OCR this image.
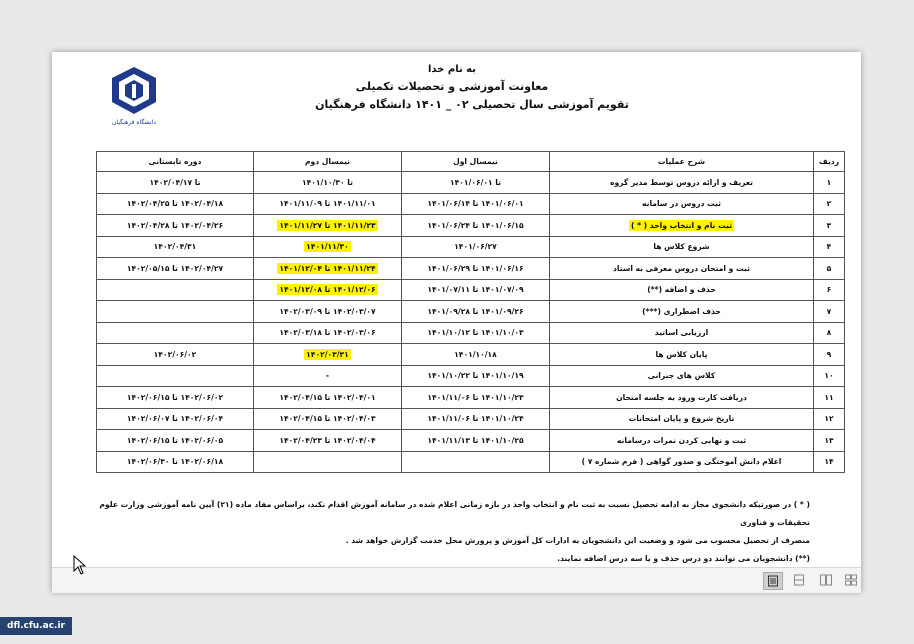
دانشگاه فرهنگیان
به نام خدا
معاونت آموزشی و تحصیلات تکمیلی
تقویم آموزشی سال تحصیلی ۰۲ _ ۱۴۰۱ دانشگاه فرهنگیان
ردیف	شرح عملیات	نیمسال اول	نیمسال دوم	دوره تابستانی
۱	تعریف و ارائه دروس توسط مدیر گروه	تا ۱۴۰۱/۰۶/۰۱	تا ۱۴۰۱/۱۰/۳۰	تا ۱۴۰۲/۰۴/۱۷
۲	ثبت دروس در سامانه	۱۴۰۱/۰۶/۰۱ تا ۱۴۰۱/۰۶/۱۴	۱۴۰۱/۱۱/۰۱ تا ۱۴۰۱/۱۱/۰۹	۱۴۰۲/۰۴/۱۸ تا ۱۴۰۲/۰۴/۲۵
۳	ثبت نام و انتخاب واحد ( * )	۱۴۰۱/۰۶/۱۵ تا ۱۴۰۱/۰۶/۲۴	۱۴۰۱/۱۱/۲۳ تا ۱۴۰۱/۱۱/۲۷	۱۴۰۲/۰۴/۲۶ تا ۱۴۰۲/۰۴/۲۸
۴	شروع کلاس ها	۱۴۰۱/۰۶/۲۷	۱۴۰۱/۱۱/۳۰	۱۴۰۲/۰۴/۳۱
۵	ثبت و امتحان دروس معرفی به استاد	۱۴۰۱/۰۶/۱۶ تا ۱۴۰۱/۰۶/۲۹	۱۴۰۱/۱۱/۲۴ تا ۱۴۰۱/۱۲/۰۴	۱۴۰۲/۰۴/۲۷ تا ۱۴۰۲/۰۵/۱۵
۶	حذف و اضافه (**)	۱۴۰۱/۰۷/۰۹ تا ۱۴۰۱/۰۷/۱۱	۱۴۰۱/۱۲/۰۶ تا ۱۴۰۱/۱۲/۰۸	
۷	حذف اضطراری (***)	۱۴۰۱/۰۹/۲۶ تا ۱۴۰۱/۰۹/۲۸	۱۴۰۲/۰۳/۰۷ تا ۱۴۰۲/۰۳/۰۹	
۸	ارزیابی اساتید	۱۴۰۱/۱۰/۰۳ تا ۱۴۰۱/۱۰/۱۲	۱۴۰۲/۰۳/۰۶ تا ۱۴۰۲/۰۳/۱۸	
۹	پایان کلاس ها	۱۴۰۱/۱۰/۱۸	۱۴۰۲/۰۳/۳۱	۱۴۰۲/۰۶/۰۲
۱۰	کلاس های جبرانی	۱۴۰۱/۱۰/۱۹ تا ۱۴۰۱/۱۰/۲۲	-	
۱۱	دریافت کارت ورود به جلسه امتحان	۱۴۰۱/۱۰/۲۳ تا ۱۴۰۱/۱۱/۰۶	۱۴۰۲/۰۴/۰۱ تا ۱۴۰۲/۰۴/۱۵	۱۴۰۲/۰۶/۰۲ تا ۱۴۰۲/۰۶/۱۵
۱۲	تاریخ شروع و پایان امتحانات	۱۴۰۱/۱۰/۲۴ تا ۱۴۰۱/۱۱/۰۶	۱۴۰۲/۰۴/۰۳ تا ۱۴۰۲/۰۴/۱۵	۱۴۰۲/۰۶/۰۴ تا ۱۴۰۲/۰۶/۰۷
۱۳	ثبت و نهایی کردن نمرات درسامانه	۱۴۰۱/۱۰/۲۵ تا ۱۴۰۱/۱۱/۱۳	۱۴۰۲/۰۴/۰۴ تا ۱۴۰۲/۰۴/۲۳	۱۴۰۲/۰۶/۰۵ تا ۱۴۰۲/۰۶/۱۵
۱۴	اعلام دانش آموختگی و صدور گواهی ( فرم شماره ۷ )			۱۴۰۲/۰۶/۱۸ تا ۱۴۰۲/۰۶/۳۰

( * ) در صورتیکه دانشجوی مجاز به ادامه تحصیل نسبت به ثبت نام و انتخاب واحد در بازه زمانی اعلام شده در سامانه آموزش اقدام نکند، براساس مفاد ماده (۲۱) آیین نامه آموزشی وزارت علوم تحقیقات و فناوری

منصرف از تحصیل محسوب می شود و وضعیت این دانشجویان به ادارات کل آموزش و پرورش محل خدمت گزارش خواهد شد .

(**) دانشجویان می توانند دو درس حذف و یا سه درس اضافه نمایند.

dfl.cfu.ac.ir
